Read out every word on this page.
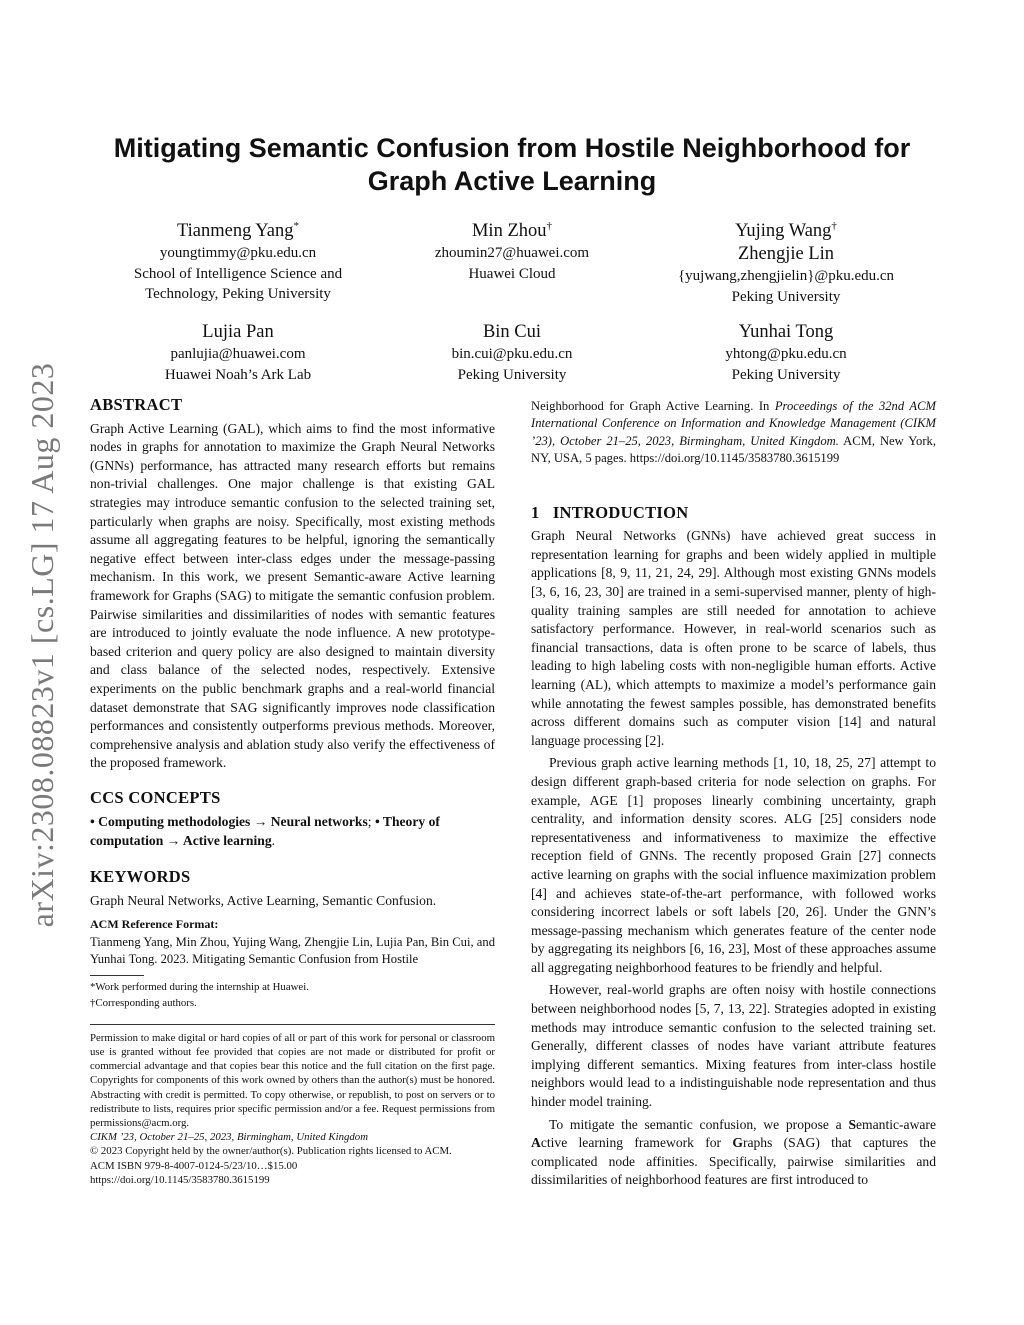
arXiv:2308.08823v1 [cs.LG] 17 Aug 2023
Mitigating Semantic Confusion from Hostile Neighborhood for
Graph Active Learning
Tianmeng Yang*
youngtimmy@pku.edu.cn
School of Intelligence Science and
Technology, Peking University
Min Zhou†
zhoumin27@huawei.com
Huawei Cloud
Yujing Wang†
Zhengjie Lin
{yujwang,zhengjielin}@pku.edu.cn
Peking University
Lujia Pan
panlujia@huawei.com
Huawei Noah’s Ark Lab
Bin Cui
bin.cui@pku.edu.cn
Peking University
Yunhai Tong
yhtong@pku.edu.cn
Peking University

ABSTRACT

Graph Active Learning (GAL), which aims to find the most informative nodes in graphs for annotation to maximize the Graph Neural Networks (GNNs) performance, has attracted many research efforts but remains non-trivial challenges. One major challenge is that existing GAL strategies may introduce semantic confusion to the selected training set, particularly when graphs are noisy. Specifically, most existing methods assume all aggregating features to be helpful, ignoring the semantically negative effect between inter-class edges under the message-passing mechanism. In this work, we present Semantic-aware Active learning framework for Graphs (SAG) to mitigate the semantic confusion problem. Pairwise similarities and dissimilarities of nodes with semantic features are introduced to jointly evaluate the node influence. A new prototype-based criterion and query policy are also designed to maintain diversity and class balance of the selected nodes, respectively. Extensive experiments on the public benchmark graphs and a real-world financial dataset demonstrate that SAG significantly improves node classification performances and consistently outperforms previous methods. Moreover, comprehensive analysis and ablation study also verify the effectiveness of the proposed framework.

CCS CONCEPTS

• Computing methodologies → Neural networks; • Theory of computation → Active learning.

KEYWORDS

Graph Neural Networks, Active Learning, Semantic Confusion.

ACM Reference Format:

Tianmeng Yang, Min Zhou, Yujing Wang, Zhengjie Lin, Lujia Pan, Bin Cui, and Yunhai Tong. 2023. Mitigating Semantic Confusion from Hostile

*Work performed during the internship at Huawei.

†Corresponding authors.

Permission to make digital or hard copies of all or part of this work for personal or classroom use is granted without fee provided that copies are not made or distributed for profit or commercial advantage and that copies bear this notice and the full citation on the first page. Copyrights for components of this work owned by others than the author(s) must be honored. Abstracting with credit is permitted. To copy otherwise, or republish, to post on servers or to redistribute to lists, requires prior specific permission and/or a fee. Request permissions from permissions@acm.org.

CIKM ’23, October 21–25, 2023, Birmingham, United Kingdom

© 2023 Copyright held by the owner/author(s). Publication rights licensed to ACM.

ACM ISBN 979-8-4007-0124-5/23/10…$15.00

https://doi.org/10.1145/3583780.3615199

Neighborhood for Graph Active Learning. In Proceedings of the 32nd ACM International Conference on Information and Knowledge Management (CIKM ’23), October 21–25, 2023, Birmingham, United Kingdom. ACM, New York, NY, USA, 5 pages. https://doi.org/10.1145/3583780.3615199

1   INTRODUCTION

Graph Neural Networks (GNNs) have achieved great success in representation learning for graphs and been widely applied in multiple applications [8, 9, 11, 21, 24, 29]. Although most existing GNNs models [3, 6, 16, 23, 30] are trained in a semi-supervised manner, plenty of high-quality training samples are still needed for annotation to achieve satisfactory performance. However, in real-world scenarios such as financial transactions, data is often prone to be scarce of labels, thus leading to high labeling costs with non-negligible human efforts. Active learning (AL), which attempts to maximize a model’s performance gain while annotating the fewest samples possible, has demonstrated benefits across different domains such as computer vision [14] and natural language processing [2].

Previous graph active learning methods [1, 10, 18, 25, 27] attempt to design different graph-based criteria for node selection on graphs. For example, AGE [1] proposes linearly combining uncertainty, graph centrality, and information density scores. ALG [25] considers node representativeness and informativeness to maximize the effective reception field of GNNs. The recently proposed Grain [27] connects active learning on graphs with the social influence maximization problem [4] and achieves state-of-the-art performance, with followed works considering incorrect labels or soft labels [20, 26]. Under the GNN’s message-passing mechanism which generates feature of the center node by aggregating its neighbors [6, 16, 23], Most of these approaches assume all aggregating neighborhood features to be friendly and helpful.

However, real-world graphs are often noisy with hostile connections between neighborhood nodes [5, 7, 13, 22]. Strategies adopted in existing methods may introduce semantic confusion to the selected training set. Generally, different classes of nodes have variant attribute features implying different semantics. Mixing features from inter-class hostile neighbors would lead to a indistinguishable node representation and thus hinder model training.

To mitigate the semantic confusion, we propose a Semantic-aware Active learning framework for Graphs (SAG) that captures the complicated node affinities. Specifically, pairwise similarities and dissimilarities of neighborhood features are first introduced to
